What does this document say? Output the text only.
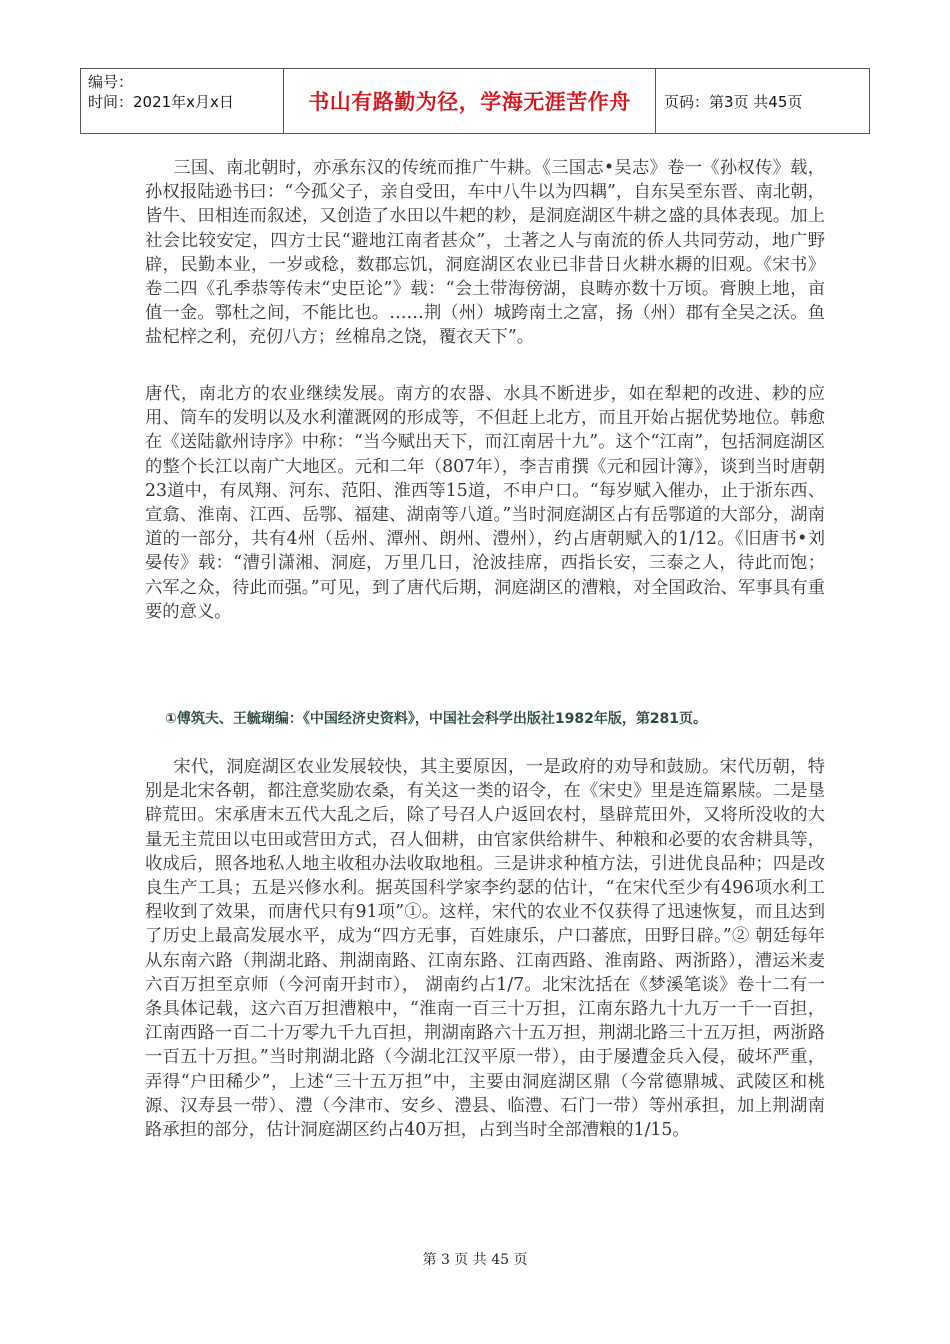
编号：
时间：2021年x月x日	书山有路勤为径，学海无涯苦作舟	页码：第3页 共45页
三国、南北朝时，亦承东汉的传统而推广牛耕。《三国志•吴志》卷一《孙权传》载，孙权报陆逊书曰：“今孤父子，亲自受田，车中八牛以为四耦”，自东吴至东晋、南北朝，皆牛、田相连而叙述，又创造了水田以牛耙的耖，是洞庭湖区牛耕之盛的具体表现。加上社会比较安定，四方士民“避地江南者甚众”，土著之人与南流的侨人共同劳动，地广野辟，民勤本业，一岁或稔，数郡忘饥，洞庭湖区农业已非昔日火耕水耨的旧观。《宋书》卷二四《孔季恭等传末“史臣论”》载：“会土带海傍湖，良畴亦数十万顷。膏腴上地，亩值一金。鄠杜之间，不能比也。……荆（州）城跨南土之富，扬（州）郡有全吴之沃。鱼盐杞梓之利，充仞八方；丝棉帛之饶，覆衣天下”。
唐代，南北方的农业继续发展。南方的农器、水具不断进步，如在犁耙的改进、耖的应用、筒车的发明以及水利灌溉网的形成等，不但赶上北方，而且开始占据优势地位。韩愈在《送陆歙州诗序》中称：“当今赋出天下，而江南居十九”。这个“江南”，包括洞庭湖区的整个长江以南广大地区。元和二年（807年），李吉甫撰《元和园计簿》，谈到当时唐朝23道中，有凤翔、河东、范阳、淮西等15道，不申户口。“每岁赋入催办，止于浙东西、宣翕、淮南、江西、岳鄂、福建、湖南等八道。”当时洞庭湖区占有岳鄂道的大部分，湖南道的一部分，共有4州（岳州、潭州、朗州、澧州），约占唐朝赋入的1/12。《旧唐书•刘晏传》载：“漕引潇湘、洞庭，万里几日，沧波挂席，西指长安，三泰之人，待此而饱；六军之众，待此而强。”可见，到了唐代后期，洞庭湖区的漕粮，对全国政治、军事具有重要的意义。
①傅筑夫、王毓瑚编：《中国经济史资料》，中国社会科学出版社1982年版，第281页。
宋代，洞庭湖区农业发展较快，其主要原因，一是政府的劝导和鼓励。宋代历朝，特别是北宋各朝，都注意奖励农桑，有关这一类的诏令，在《宋史》里是连篇累牍。二是垦辟荒田。宋承唐末五代大乱之后，除了号召人户返回农村，垦辟荒田外，又将所没收的大量无主荒田以屯田或营田方式，召人佃耕，由官家供给耕牛、种粮和必要的农舍耕具等，收成后，照各地私人地主收租办法收取地租。三是讲求种植方法，引进优良品种；四是改良生产工具；五是兴修水利。据英国科学家李约瑟的估计，“在宋代至少有496项水利工程收到了效果，而唐代只有91项”①。这样，宋代的农业不仅获得了迅速恢复，而且达到了历史上最高发展水平，成为“四方无事，百姓康乐，户口蕃庶，田野日辟。”② 朝廷每年从东南六路（荆湖北路、荆湖南路、江南东路、江南西路、淮南路、两浙路），漕运米麦六百万担至京师（今河南开封市）， 湖南约占1/7。北宋沈括在《梦溪笔谈》卷十二有一条具体记载，这六百万担漕粮中，“淮南一百三十万担，江南东路九十九万一千一百担，江南西路一百二十万零九千九百担，荆湖南路六十五万担，荆湖北路三十五万担，两浙路一百五十万担。”当时荆湖北路（今湖北江汉平原一带），由于屡遭金兵入侵，破坏严重，弄得“户田稀少”，上述“三十五万担”中，主要由洞庭湖区鼎（今常德鼎城、武陵区和桃源、汉寿县一带）、澧（今津市、安乡、澧县、临澧、石门一带）等州承担，加上荆湖南路承担的部分，估计洞庭湖区约占40万担，占到当时全部漕粮的1/15。
第 3 页 共 45 页
